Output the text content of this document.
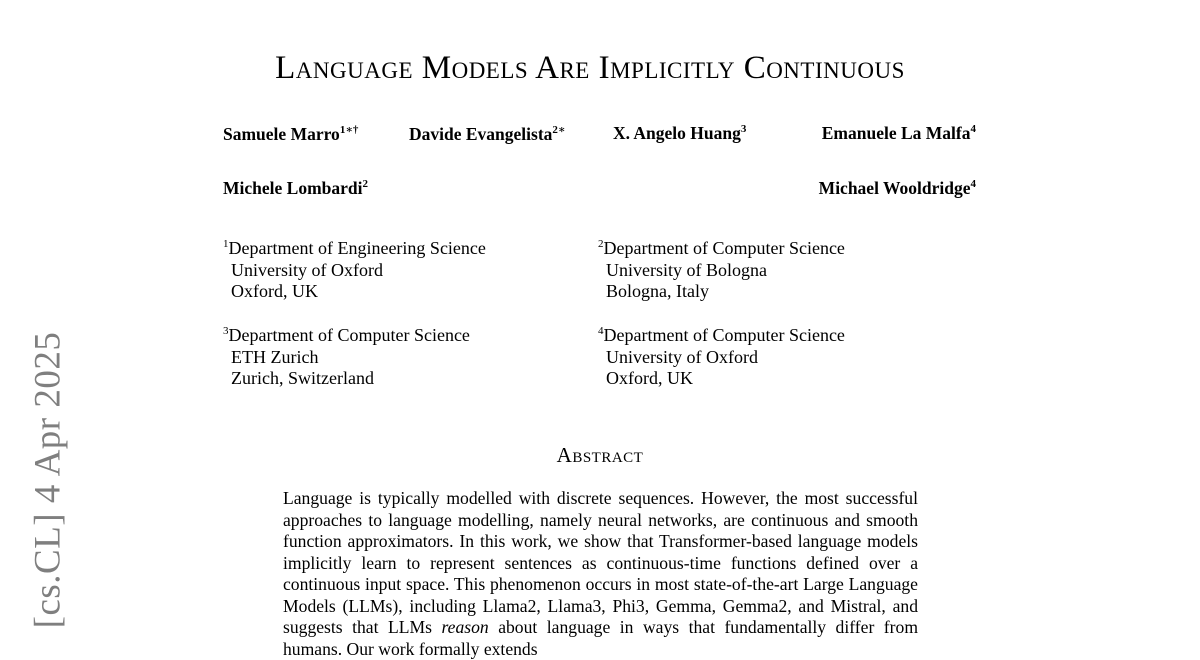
[cs.CL] 4 Apr 2025
Language Models Are Implicitly Continuous
Samuele Marro$^{1∗\dagger}$	Davide Evangelista$^{2∗}$	X. Angelo Huang$^3$	Emanuele La Malfa$^4$
Michele Lombardi$^2$	Michael Wooldridge$^4$
$^1$Department of Engineering Science
University of Oxford
Oxford, UK
$^2$Department of Computer Science
University of Bologna
Bologna, Italy
$^3$Department of Computer Science
ETH Zurich
Zurich, Switzerland
$^4$Department of Computer Science
University of Oxford
Oxford, UK
Abstract
Language is typically modelled with discrete sequences. However, the most successful approaches to language modelling, namely neural networks, are continuous and smooth function approximators. In this work, we show that Transformer-based language models implicitly learn to represent sentences as continuous-time functions defined over a continuous input space. This phenomenon occurs in most state-of-the-art Large Language Models (LLMs), including Llama2, Llama3, Phi3, Gemma, Gemma2, and Mistral, and suggests that LLMs reason about language in ways that fundamentally differ from humans. Our work formally extends
